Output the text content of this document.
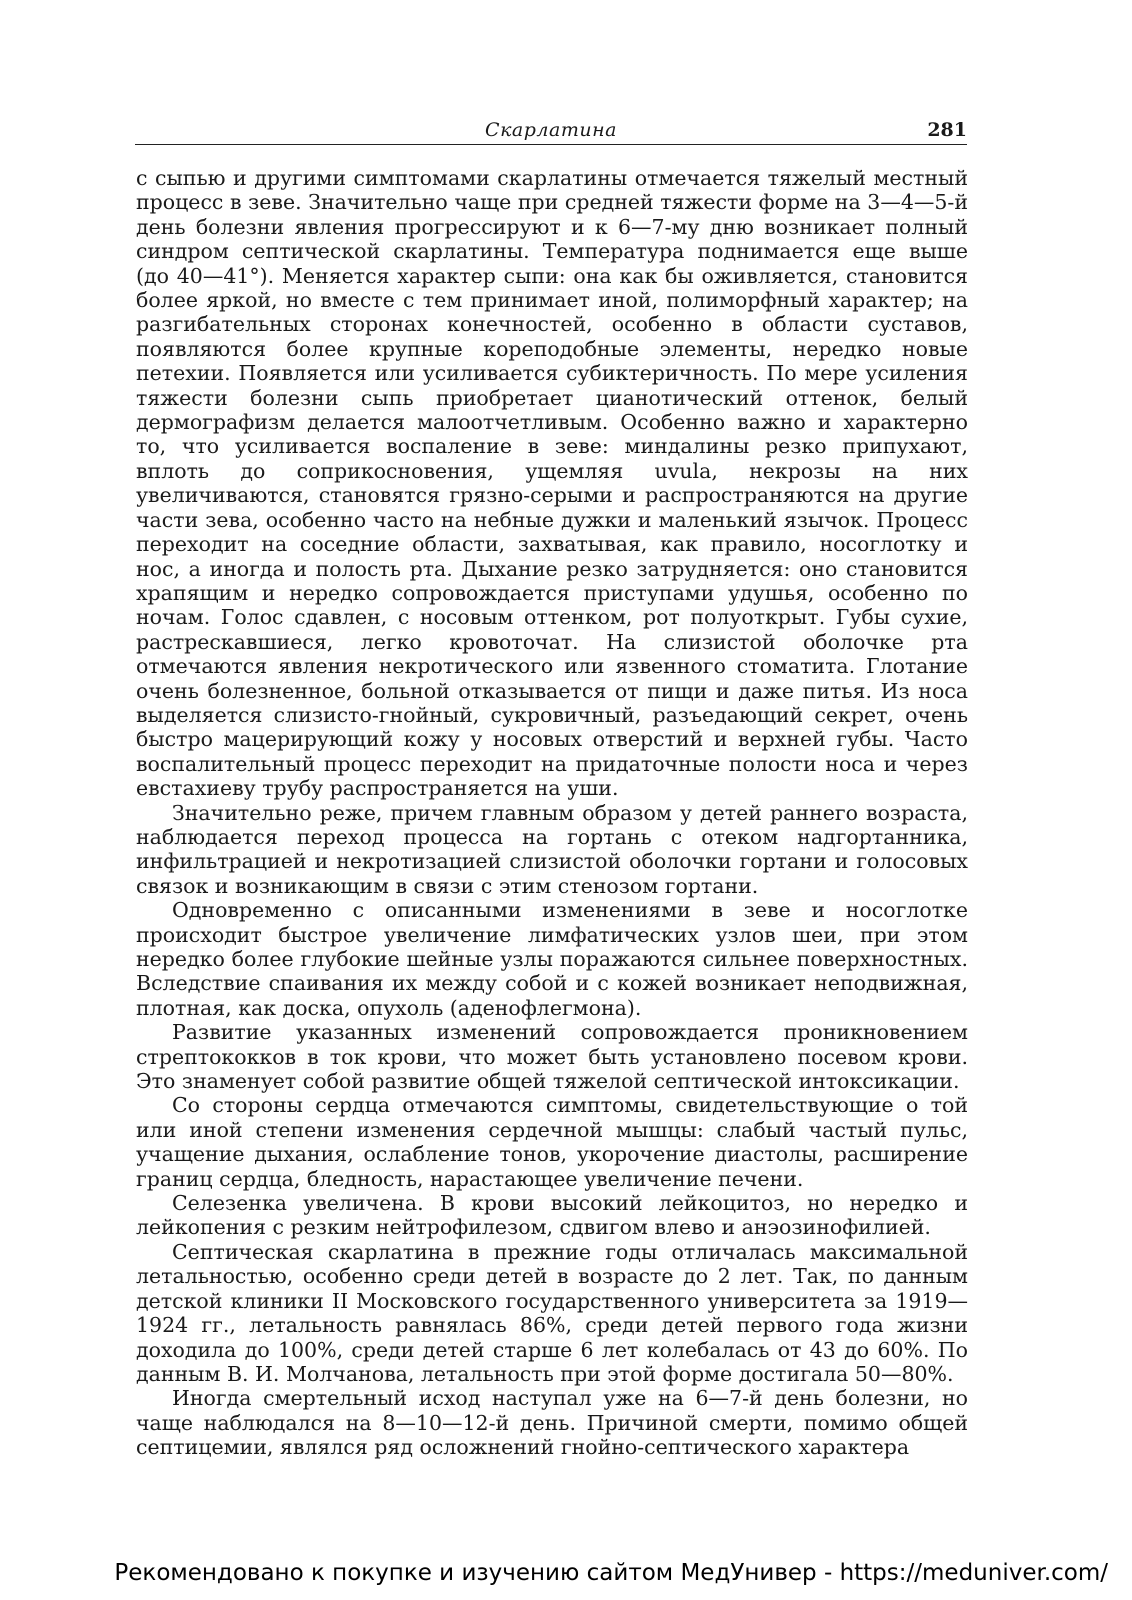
Скарлатина	281

с сыпью и другими симптомами скарлатины отмечается тяжелый местный процесс в зеве. Значительно чаще при средней тяжести форме на 3—4—5-й день болезни явления прогрессируют и к 6—7-му дню возникает полный синдром септической скарлатины. Температура поднимается еще выше (до 40—41°). Меняется характер сыпи: она как бы оживляется, становится более яркой, но вместе с тем принимает иной, полиморфный характер; на разгибательных сторонах конечностей, особенно в области суставов, появляются более крупные кореподобные элементы, нередко новые петехии. Появляется или усиливается субиктеричность. По мере усиления тяжести болезни сыпь приобретает цианотический оттенок, белый дермографизм делается малоотчетливым. Особенно важно и характерно то, что усиливается воспаление в зеве: миндалины резко припухают, вплоть до соприкосновения, ущемляя uvula, некрозы на них увеличиваются, становятся грязно-серыми и распространяются на другие части зева, особенно часто на небные дужки и маленький язычок. Процесс переходит на соседние области, захватывая, как правило, носоглотку и нос, а иногда и полость рта. Дыхание резко затрудняется: оно становится храпящим и нередко сопровождается приступами удушья, особенно по ночам. Голос сдавлен, с носовым оттенком, рот полуоткрыт. Губы сухие, растрескавшиеся, легко кровоточат. На слизистой оболочке рта отмечаются явления некротического или язвенного стоматита. Глотание очень болезненное, больной отказывается от пищи и даже питья. Из носа выделяется слизисто-гнойный, сукровичный, разъедающий секрет, очень быстро мацерирующий кожу у носовых отверстий и верхней губы. Часто воспалительный процесс переходит на придаточные полости носа и через евстахиеву трубу распространяется на уши.

Значительно реже, причем главным образом у детей раннего возраста, наблюдается переход процесса на гортань с отеком надгортанника, инфильтрацией и некротизацией слизистой оболочки гортани и голосовых связок и возникающим в связи с этим стенозом гортани.

Одновременно с описанными изменениями в зеве и носоглотке происходит быстрое увеличение лимфатических узлов шеи, при этом нередко более глубокие шейные узлы поражаются сильнее поверхностных. Вследствие спаивания их между собой и с кожей возникает неподвижная, плотная, как доска, опухоль (аденофлегмона).

Развитие указанных изменений сопровождается проникновением стрептококков в ток крови, что может быть установлено посевом крови. Это знаменует собой развитие общей тяжелой септической интоксикации.

Со стороны сердца отмечаются симптомы, свидетельствующие о той или иной степени изменения сердечной мышцы: слабый частый пульс, учащение дыхания, ослабление тонов, укорочение диастолы, расширение границ сердца, бледность, нарастающее увеличение печени.

Селезенка увеличена. В крови высокий лейкоцитоз, но нередко и лейкопения с резким нейтрофилезом, сдвигом влево и анэозинофилией.

Септическая скарлатина в прежние годы отличалась максимальной летальностью, особенно среди детей в возрасте до 2 лет. Так, по данным детской клиники II Московского государственного университета за 1919—1924 гг., летальность равнялась 86%, среди детей первого года жизни доходила до 100%, среди детей старше 6 лет колебалась от 43 до 60%. По данным В. И. Молчанова, летальность при этой форме достигала 50—80%.

Иногда смертельный исход наступал уже на 6—7-й день болезни, но чаще наблюдался на 8—10—12-й день. Причиной смерти, помимо общей септицемии, являлся ряд осложнений гнойно-септического характера

Рекомендовано к покупке и изучению сайтом МедУнивер - https://meduniver.com/
